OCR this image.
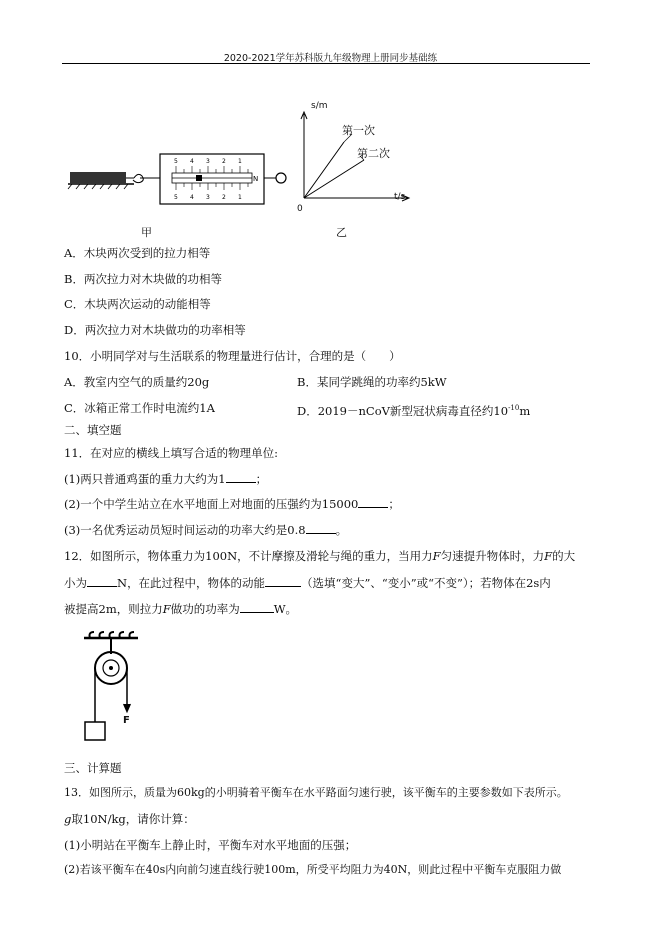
2020-2021学年苏科版九年级物理上册同步基础练
5 4 3 2 1
5 4 3 2 1
N
甲
s/m
t/s
0
第一次
第二次
乙
A．木块两次受到的拉力相等
B．两次拉力对木块做的功相等
C．木块两次运动的动能相等
D．两次拉力对木块做功的功率相等
10．小明同学对与生活联系的物理量进行估计，合理的是（　　）
A．教室内空气的质量约20g	B．某同学跳绳的功率约5kW
C．冰箱正常工作时电流约1A	D．2019－nCoV新型冠状病毒直径约$10^{-10}m$
二、填空题
11．在对应的横线上填写合适的物理单位:
(1)两只普通鸡蛋的重力大约为1	；
(2)一个中学生站立在水平地面上对地面的压强约为15000	；
(3)一名优秀运动员短时间运动的功率大约是0.8	。
12．如图所示，物体重力为100N，不计摩擦及滑轮与绳的重力，当用力F匀速提升物体时，力F的大
小为	N，在此过程中，物体的动能	（选填“变大”、“变小”或“不变”）；若物体在2s内
被提高2m，则拉力F做功的功率为	W。
F
三、计算题
13．如图所示，质量为60kg的小明骑着平衡车在水平路面匀速行驶，该平衡车的主要参数如下表所示。
g取10N/kg，请你计算：
(1)小明站在平衡车上静止时，平衡车对水平地面的压强；
(2)若该平衡车在40s内向前匀速直线行驶100m，所受平均阻力为40N，则此过程中平衡车克服阻力做
